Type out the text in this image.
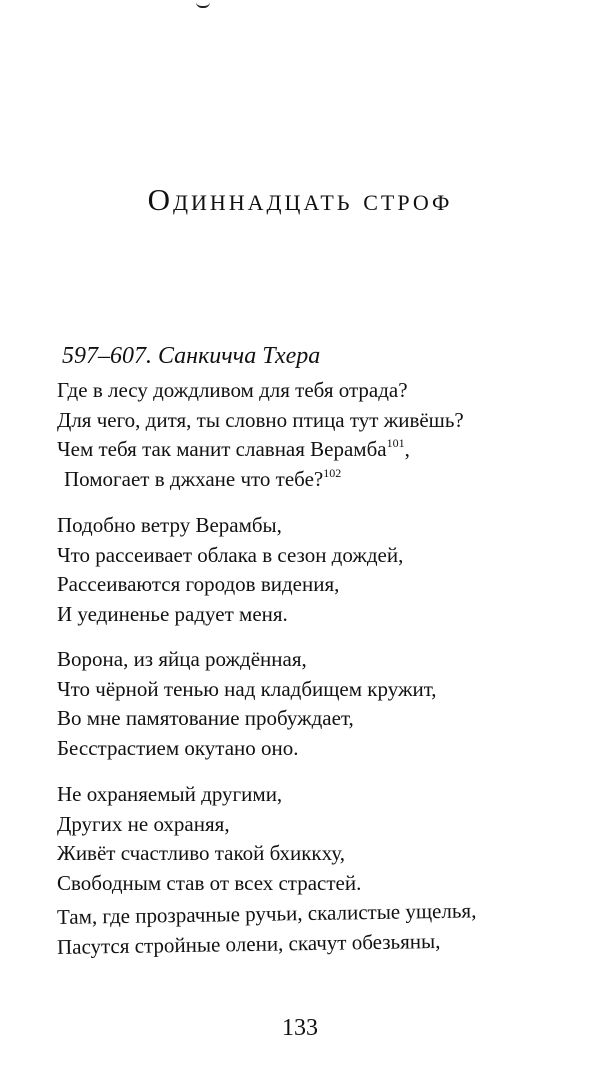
Одиннадцать строф

597–607. Санкичча Тхера

Где в лесу дождливом для тебя отрада?
Для чего, дитя, ты словно птица тут живёшь?
Чем тебя так манит славная Верамба$^{101}$,
Помогает в джхане что тебе?$^{102}$
Подобно ветру Верамбы,
Что рассеивает облака в сезон дождей,
Рассеиваются городов видения,
И уединенье радует меня.
Ворона, из яйца рождённая,
Что чёрной тенью над кладбищем кружит,
Во мне памятование пробуждает,
Бесстрастием окутано оно.
Не охраняемый другими,
Других не охраняя,
Живёт счастливо такой бхиккху,
Свободным став от всех страстей.
Там, где прозрачные ручьи, скалистые ущелья,
Пасутся стройные олени, скачут обезьяны,

133
